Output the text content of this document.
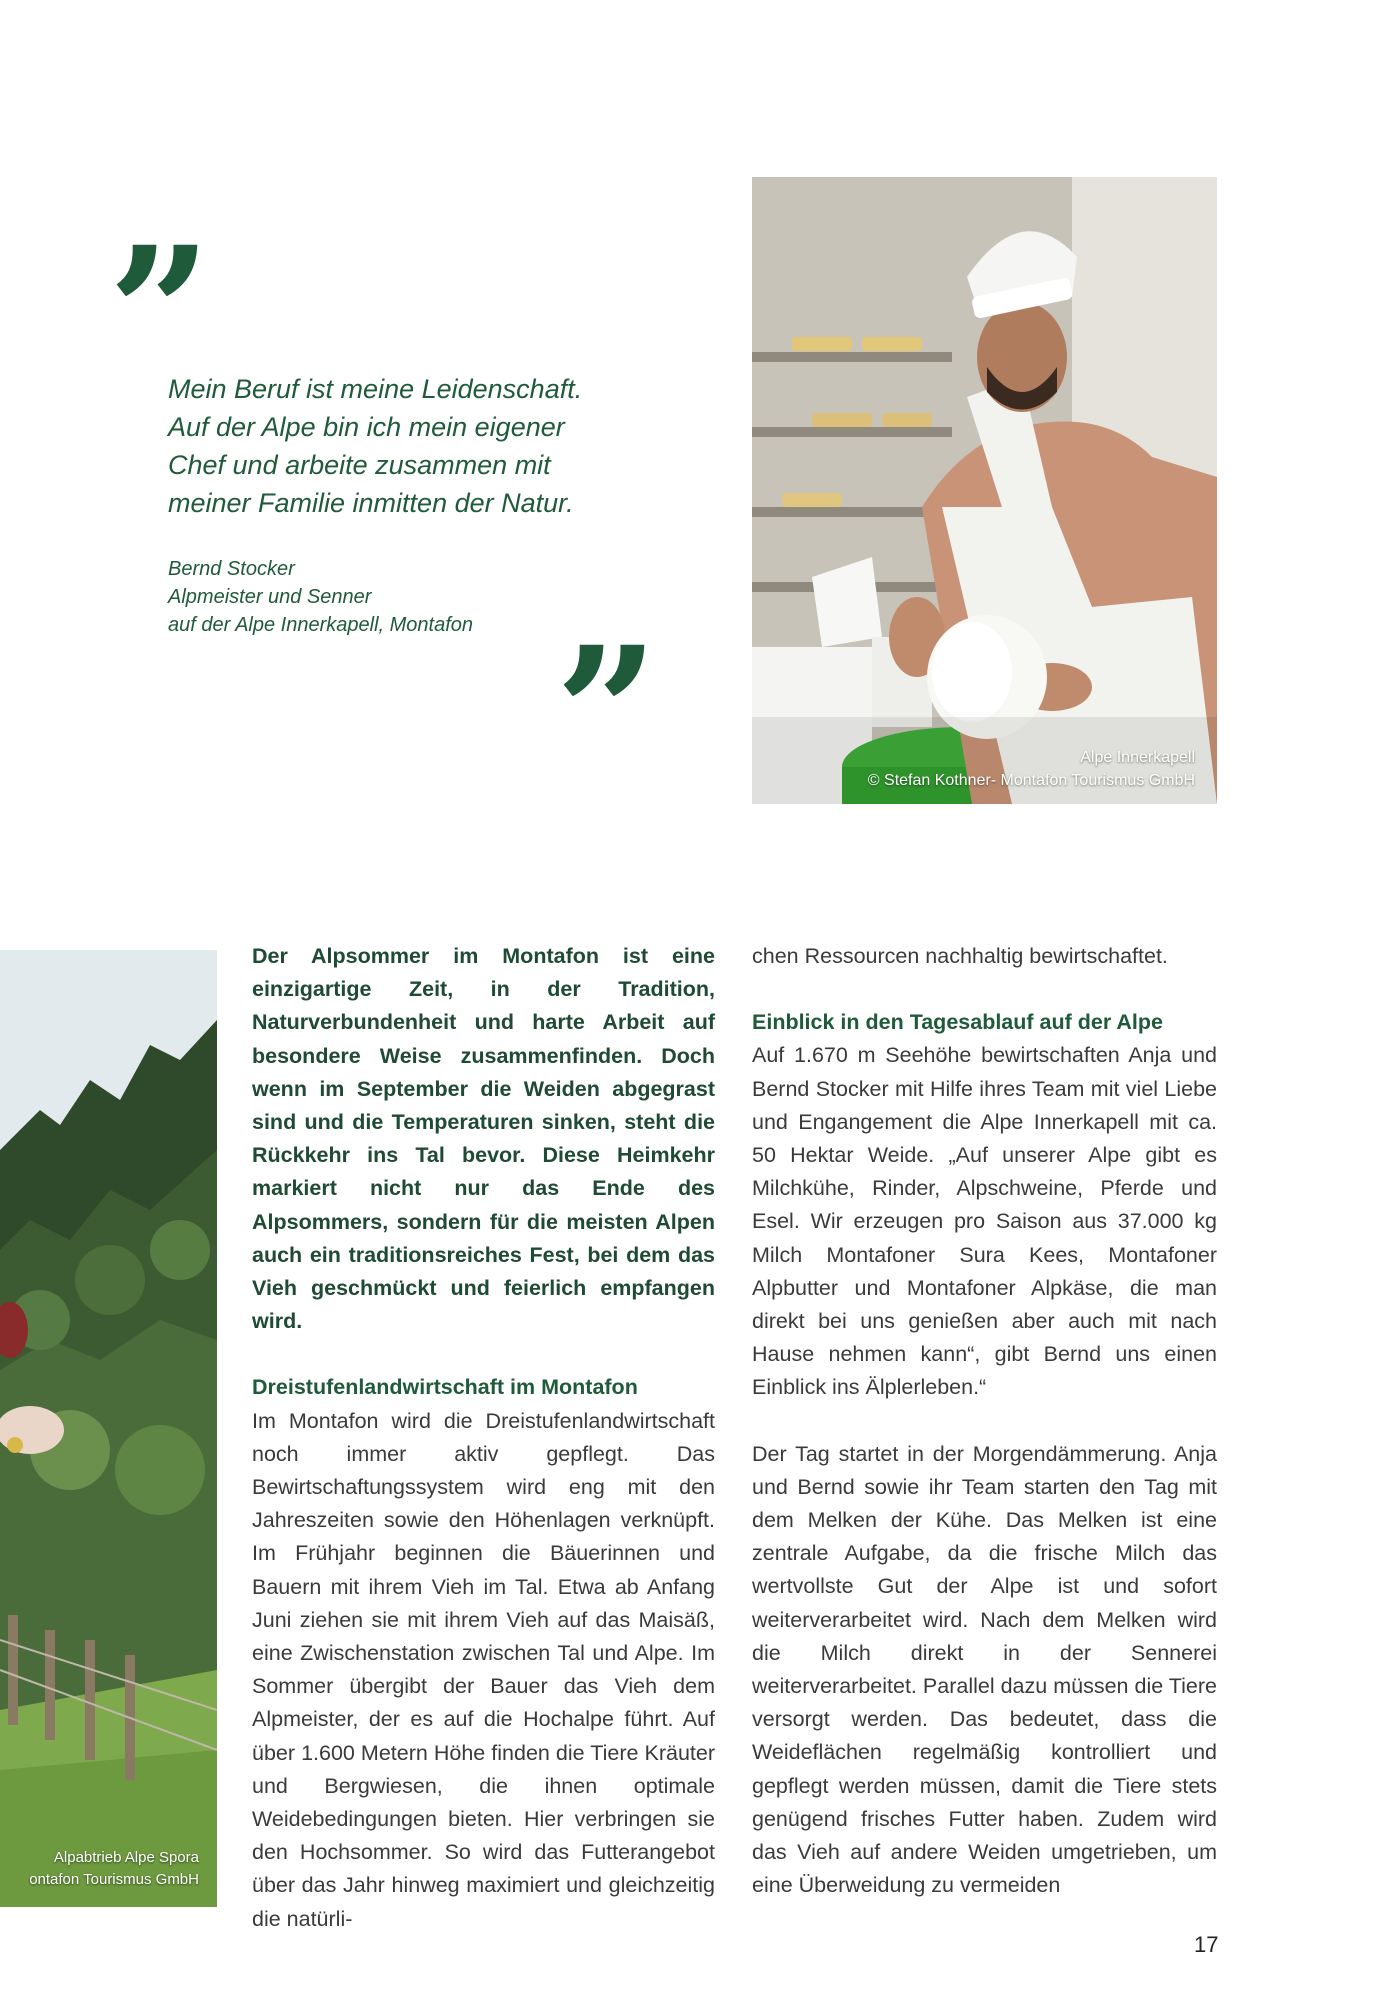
”

Mein Beruf ist meine Leidenschaft.

Auf der Alpe bin ich mein eigener

Chef und arbeite zusammen mit

meiner Familie inmitten der Natur.

Bernd Stocker
Alpmeister und Senner
auf der Alpe Innerkapell, Montafon ”	Alpe Innerkapell
© Stefan Kothner- Montafon Tourismus GmbH
Alpabtrieb Alpe Spora
ontafon Tourismus GmbH

Der Alpsommer im Montafon ist eine einzigartige Zeit, in der Tradition, Naturverbundenheit und harte Arbeit auf besondere Weise zusammenfinden. Doch wenn im September die Weiden abgegrast sind und die Temperaturen sinken, steht die Rückkehr ins Tal bevor. Diese Heimkehr markiert nicht nur das Ende des Alpsommers, sondern für die meisten Alpen auch ein traditionsreiches Fest, bei dem das Vieh geschmückt und feierlich empfangen wird.

Dreistufenlandwirtschaft im Montafon

Im Montafon wird die Dreistufenlandwirtschaft noch immer aktiv gepflegt. Das Bewirtschaftungssystem wird eng mit den Jahreszeiten sowie den Höhenlagen verknüpft. Im Frühjahr beginnen die Bäuerinnen und Bauern mit ihrem Vieh im Tal. Etwa ab Anfang Juni ziehen sie mit ihrem Vieh auf das Maisäß, eine Zwischenstation zwischen Tal und Alpe. Im Sommer übergibt der Bauer das Vieh dem Alpmeister, der es auf die Hochalpe führt. Auf über 1.600 Metern Höhe finden die Tiere Kräuter und Bergwiesen, die ihnen optimale Weidebedingungen bieten. Hier verbringen sie den Hochsommer. So wird das Futterangebot über das Jahr hinweg maximiert und gleichzeitig die natürli-

chen Ressourcen nachhaltig bewirtschaftet.

Einblick in den Tagesablauf auf der Alpe

Auf 1.670 m Seehöhe bewirtschaften Anja und Bernd Stocker mit Hilfe ihres Team mit viel Liebe und Engangement die Alpe Innerkapell mit ca. 50 Hektar Weide. „Auf unserer Alpe gibt es Milchkühe, Rinder, Alpschweine, Pferde und Esel. Wir erzeugen pro Saison aus 37.000 kg Milch Montafoner Sura Kees, Montafoner Alpbutter und Montafoner Alpkäse, die man direkt bei uns genießen aber auch mit nach Hause nehmen kann“, gibt Bernd uns einen Einblick ins Älplerleben.“

Der Tag startet in der Morgendämmerung. Anja und Bernd sowie ihr Team starten den Tag mit dem Melken der Kühe. Das Melken ist eine zentrale Aufgabe, da die frische Milch das wertvollste Gut der Alpe ist und sofort weiterverarbeitet wird. Nach dem Melken wird die Milch direkt in der Sennerei weiterverarbeitet. Parallel dazu müssen die Tiere versorgt werden. Das bedeutet, dass die Weideflächen regelmäßig kontrolliert und gepflegt werden müssen, damit die Tiere stets genügend frisches Futter haben. Zudem wird das Vieh auf andere Weiden umgetrieben, um eine Überweidung zu vermeiden

17
